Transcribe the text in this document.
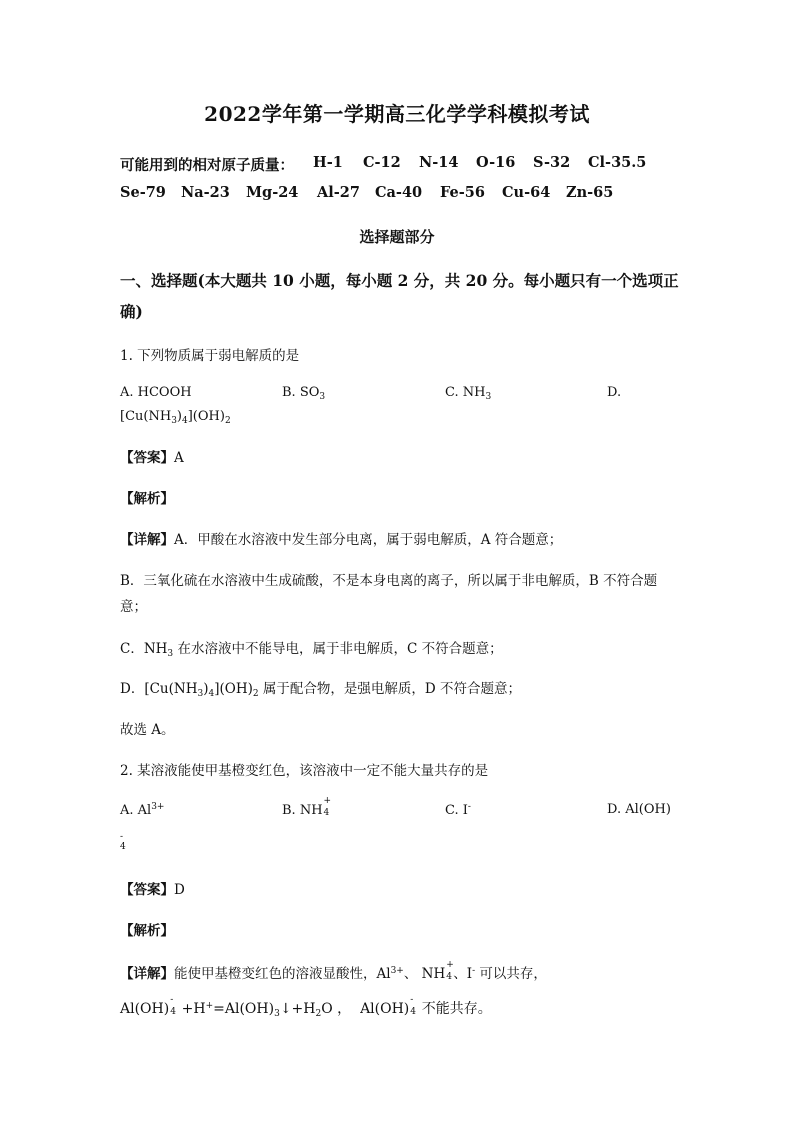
2022学年第一学期高三化学学科模拟考试
可能用到的相对原子质量： H-1 C-12 N-14 O-16 S-32 Cl-35.5
Se-79 Na-23 Mg-24 Al-27 Ca-40 Fe-56 Cu-64 Zn-65
选择题部分
一、选择题(本大题共 10 小题，每小题 2 分，共 20 分。每小题只有一个选项正
确)
1. 下列物质属于弱电解质的是
A. HCOOH	B. $SO_3$	C. $NH_3$	D.
$[Cu(NH_3)_4](OH)_2$
【答案】A
【解析】
【详解】A．甲酸在水溶液中发生部分电离，属于弱电解质，A 符合题意；
B．三氧化硫在水溶液中生成硫酸，不是本身电离的离子，所以属于非电解质，B 不符合题
意；
C．$NH_3$ 在水溶液中不能导电，属于非电解质，C 不符合题意；
D．$[Cu(NH_3)_4](OH)_2$ 属于配合物，是强电解质，D 不符合题意；
故选 A。
2. 某溶液能使甲基橙变红色，该溶液中一定不能大量共存的是
A. $Al^{3+}$	B. NH
+
4	C. I-	D. Al(OH)
-
4
【答案】D
【解析】
【详解】能使甲基橙变红色的溶液显酸性，$Al^{3+}$、 NH
+
4 、I- 可以共存，
Al(OH)
-
$4 +H^+=Al(OH)_3↓+H_2O$ ， Al(OH)
-
4 不能共存。
